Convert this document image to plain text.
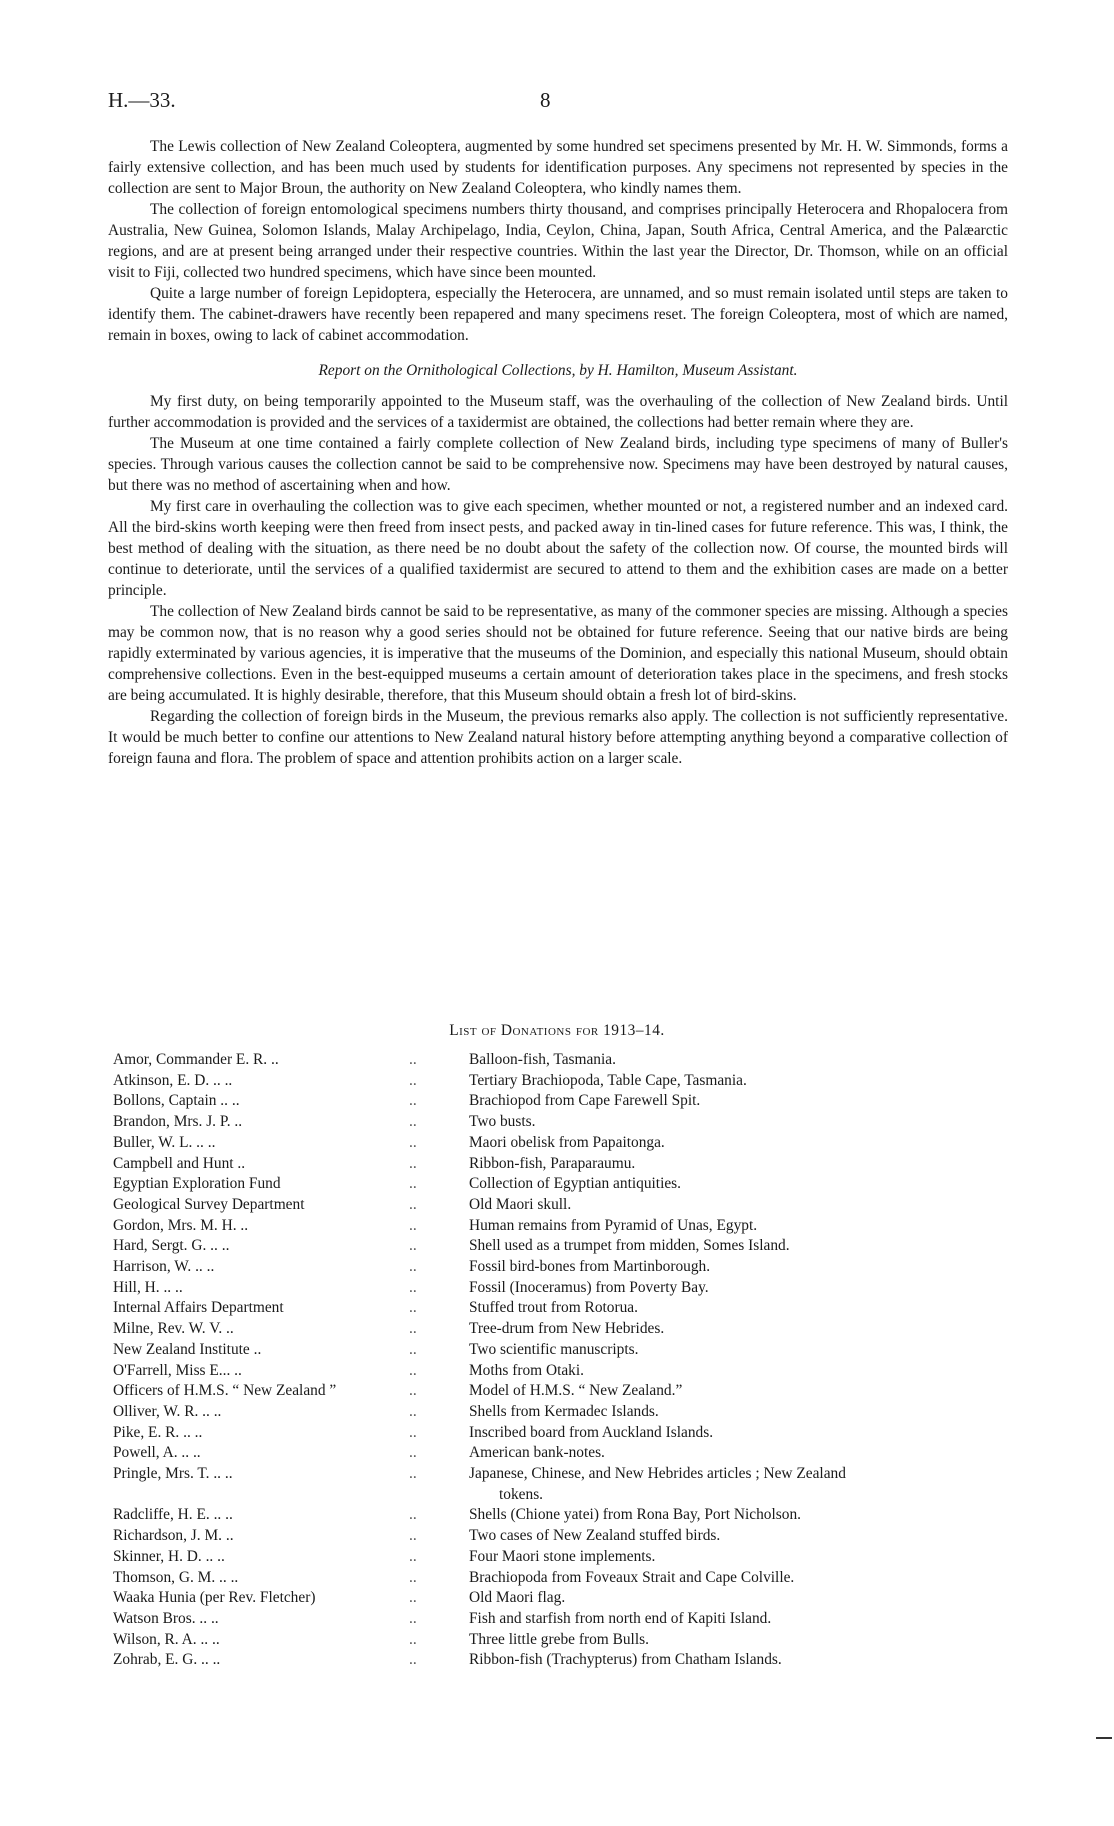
H.—33.	8

The Lewis collection of New Zealand Coleoptera, augmented by some hundred set specimens presented by Mr. H. W. Simmonds, forms a fairly extensive collection, and has been much used by students for identification purposes. Any specimens not represented by species in the collection are sent to Major Broun, the authority on New Zealand Coleoptera, who kindly names them.

The collection of foreign entomological specimens numbers thirty thousand, and comprises principally Heterocera and Rhopalocera from Australia, New Guinea, Solomon Islands, Malay Archipelago, India, Ceylon, China, Japan, South Africa, Central America, and the Palæarctic regions, and are at present being arranged under their respective countries. Within the last year the Director, Dr. Thomson, while on an official visit to Fiji, collected two hundred specimens, which have since been mounted.

Quite a large number of foreign Lepidoptera, especially the Heterocera, are unnamed, and so must remain isolated until steps are taken to identify them. The cabinet-drawers have recently been repapered and many specimens reset. The foreign Coleoptera, most of which are named, remain in boxes, owing to lack of cabinet accommodation.

Report on the Ornithological Collections, by H. Hamilton, Museum Assistant.

My first duty, on being temporarily appointed to the Museum staff, was the overhauling of the collection of New Zealand birds. Until further accommodation is provided and the services of a taxidermist are obtained, the collections had better remain where they are.

The Museum at one time contained a fairly complete collection of New Zealand birds, including type specimens of many of Buller's species. Through various causes the collection cannot be said to be comprehensive now. Specimens may have been destroyed by natural causes, but there was no method of ascertaining when and how.

My first care in overhauling the collection was to give each specimen, whether mounted or not, a registered number and an indexed card. All the bird-skins worth keeping were then freed from insect pests, and packed away in tin-lined cases for future reference. This was, I think, the best method of dealing with the situation, as there need be no doubt about the safety of the collection now. Of course, the mounted birds will continue to deteriorate, until the services of a qualified taxidermist are secured to attend to them and the exhibition cases are made on a better principle.

The collection of New Zealand birds cannot be said to be representative, as many of the commoner species are missing. Although a species may be common now, that is no reason why a good series should not be obtained for future reference. Seeing that our native birds are being rapidly exterminated by various agencies, it is imperative that the museums of the Dominion, and especially this national Museum, should obtain comprehensive collections. Even in the best-equipped museums a certain amount of deterioration takes place in the specimens, and fresh stocks are being accumulated. It is highly desirable, therefore, that this Museum should obtain a fresh lot of bird-skins.

Regarding the collection of foreign birds in the Museum, the previous remarks also apply. The collection is not sufficiently representative. It would be much better to confine our attentions to New Zealand natural history before attempting anything beyond a comparative collection of foreign fauna and flora. The problem of space and attention prohibits action on a larger scale.

List of Donations for 1913–14.
Amor, Commander E. R. ..	..	Balloon-fish, Tasmania.
Atkinson, E. D. .. ..	..	Tertiary Brachiopoda, Table Cape, Tasmania.
Bollons, Captain .. ..	..	Brachiopod from Cape Farewell Spit.
Brandon, Mrs. J. P. ..	..	Two busts.
Buller, W. L. .. ..	..	Maori obelisk from Papaitonga.
Campbell and Hunt ..	..	Ribbon-fish, Paraparaumu.
Egyptian Exploration Fund	..	Collection of Egyptian antiquities.
Geological Survey Department	..	Old Maori skull.
Gordon, Mrs. M. H. ..	..	Human remains from Pyramid of Unas, Egypt.
Hard, Sergt. G. .. ..	..	Shell used as a trumpet from midden, Somes Island.
Harrison, W. .. ..	..	Fossil bird-bones from Martinborough.
Hill, H. .. ..	..	Fossil (Inoceramus) from Poverty Bay.
Internal Affairs Department	..	Stuffed trout from Rotorua.
Milne, Rev. W. V. ..	..	Tree-drum from New Hebrides.
New Zealand Institute ..	..	Two scientific manuscripts.
O'Farrell, Miss E... ..	..	Moths from Otaki.
Officers of H.M.S. “ New Zealand ”	..	Model of H.M.S. “ New Zealand.”
Olliver, W. R. .. ..	..	Shells from Kermadec Islands.
Pike, E. R. .. ..	..	Inscribed board from Auckland Islands.
Powell, A. .. ..	..	American bank-notes.
Pringle, Mrs. T. .. ..	..	Japanese, Chinese, and New Hebrides articles ; New Zealand
tokens.
Radcliffe, H. E. .. ..	..	Shells (Chione yatei) from Rona Bay, Port Nicholson.
Richardson, J. M. ..	..	Two cases of New Zealand stuffed birds.
Skinner, H. D. .. ..	..	Four Maori stone implements.
Thomson, G. M. .. ..	..	Brachiopoda from Foveaux Strait and Cape Colville.
Waaka Hunia (per Rev. Fletcher)	..	Old Maori flag.
Watson Bros. .. ..	..	Fish and starfish from north end of Kapiti Island.
Wilson, R. A. .. ..	..	Three little grebe from Bulls.
Zohrab, E. G. .. ..	..	Ribbon-fish (Trachypterus) from Chatham Islands.
